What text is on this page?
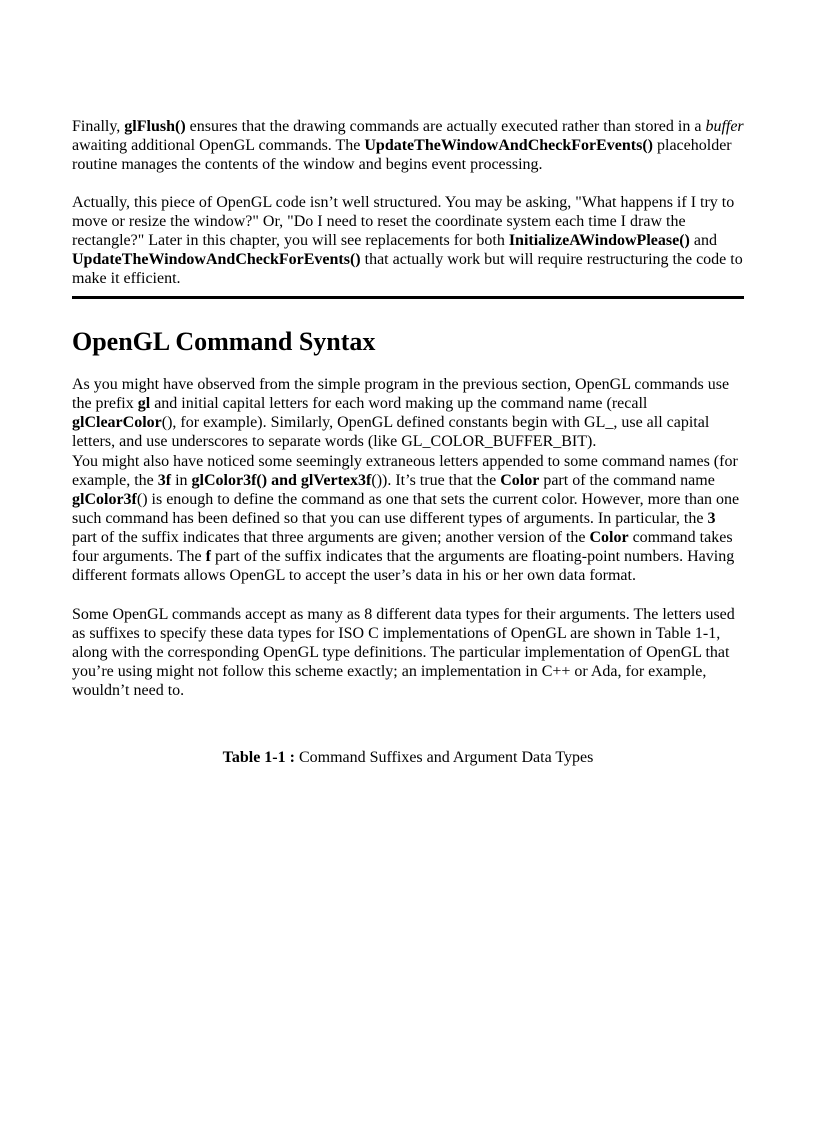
Finally, glFlush() ensures that the drawing commands are actually executed rather than stored in a buffer awaiting additional OpenGL commands. The UpdateTheWindowAndCheckForEvents() placeholder routine manages the contents of the window and begins event processing.

Actually, this piece of OpenGL code isn’t well structured. You may be asking, "What happens if I try to move or resize the window?" Or, "Do I need to reset the coordinate system each time I draw the rectangle?" Later in this chapter, you will see replacements for both InitializeAWindowPlease() and UpdateTheWindowAndCheckForEvents() that actually work but will require restructuring the code to make it efficient.

OpenGL Command Syntax

As you might have observed from the simple program in the previous section, OpenGL commands use the prefix gl and initial capital letters for each word making up the command name (recall glClearColor(), for example). Similarly, OpenGL defined constants begin with GL_, use all capital letters, and use underscores to separate words (like GL_COLOR_BUFFER_BIT).

You might also have noticed some seemingly extraneous letters appended to some command names (for example, the 3f in glColor3f() and glVertex3f()). It’s true that the Color part of the command name glColor3f() is enough to define the command as one that sets the current color. However, more than one such command has been defined so that you can use different types of arguments. In particular, the 3 part of the suffix indicates that three arguments are given; another version of the Color command takes four arguments. The f part of the suffix indicates that the arguments are floating-point numbers. Having different formats allows OpenGL to accept the user’s data in his or her own data format.

Some OpenGL commands accept as many as 8 different data types for their arguments. The letters used as suffixes to specify these data types for ISO C implementations of OpenGL are shown in Table 1-1, along with the corresponding OpenGL type definitions. The particular implementation of OpenGL that you’re using might not follow this scheme exactly; an implementation in C++ or Ada, for example, wouldn’t need to.

Table 1-1 : Command Suffixes and Argument Data Types
